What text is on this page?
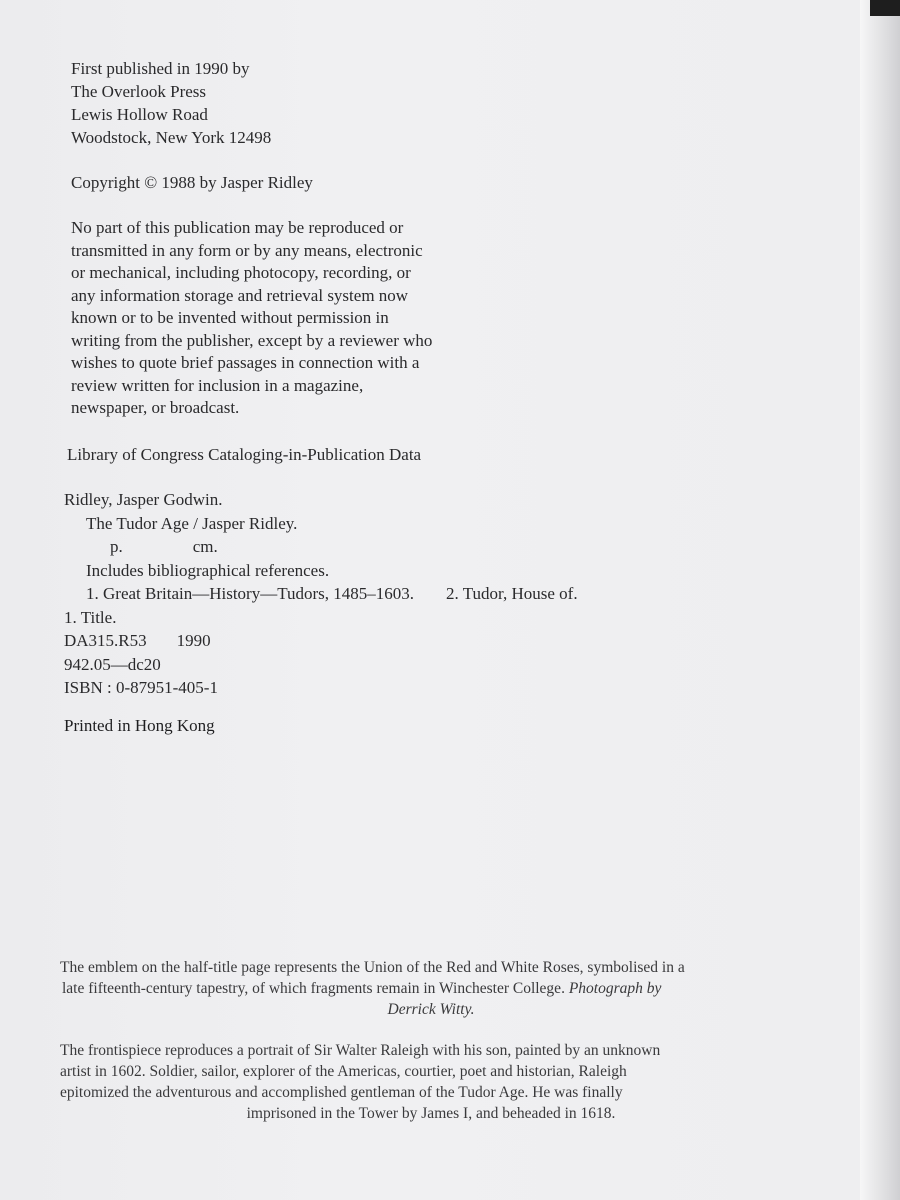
First published in 1990 by
The Overlook Press
Lewis Hollow Road
Woodstock, New York 12498
Copyright © 1988 by Jasper Ridley
No part of this publication may be reproduced or
transmitted in any form or by any means, electronic
or mechanical, including photocopy, recording, or
any information storage and retrieval system now
known or to be invented without permission in
writing from the publisher, except by a reviewer who
wishes to quote brief passages in connection with a
review written for inclusion in a magazine,
newspaper, or broadcast.
Library of Congress Cataloging-in-Publication Data
Ridley, Jasper Godwin.
The Tudor Age / Jasper Ridley.
p.	cm.
Includes bibliographical references.
1. Great Britain—History—Tudors, 1485–1603. 2. Tudor, House of.
1. Title.
DA315.R53 1990
942.05—dc20
ISBN : 0-87951-405-1
Printed in Hong Kong
The emblem on the half-title page represents the Union of the Red and White Roses, symbolised in a
late fifteenth-century tapestry, of which fragments remain in Winchester College. Photograph by
Derrick Witty.
The frontispiece reproduces a portrait of Sir Walter Raleigh with his son, painted by an unknown
artist in 1602. Soldier, sailor, explorer of the Americas, courtier, poet and historian, Raleigh
epitomized the adventurous and accomplished gentleman of the Tudor Age. He was finally
imprisoned in the Tower by James I, and beheaded in 1618.
